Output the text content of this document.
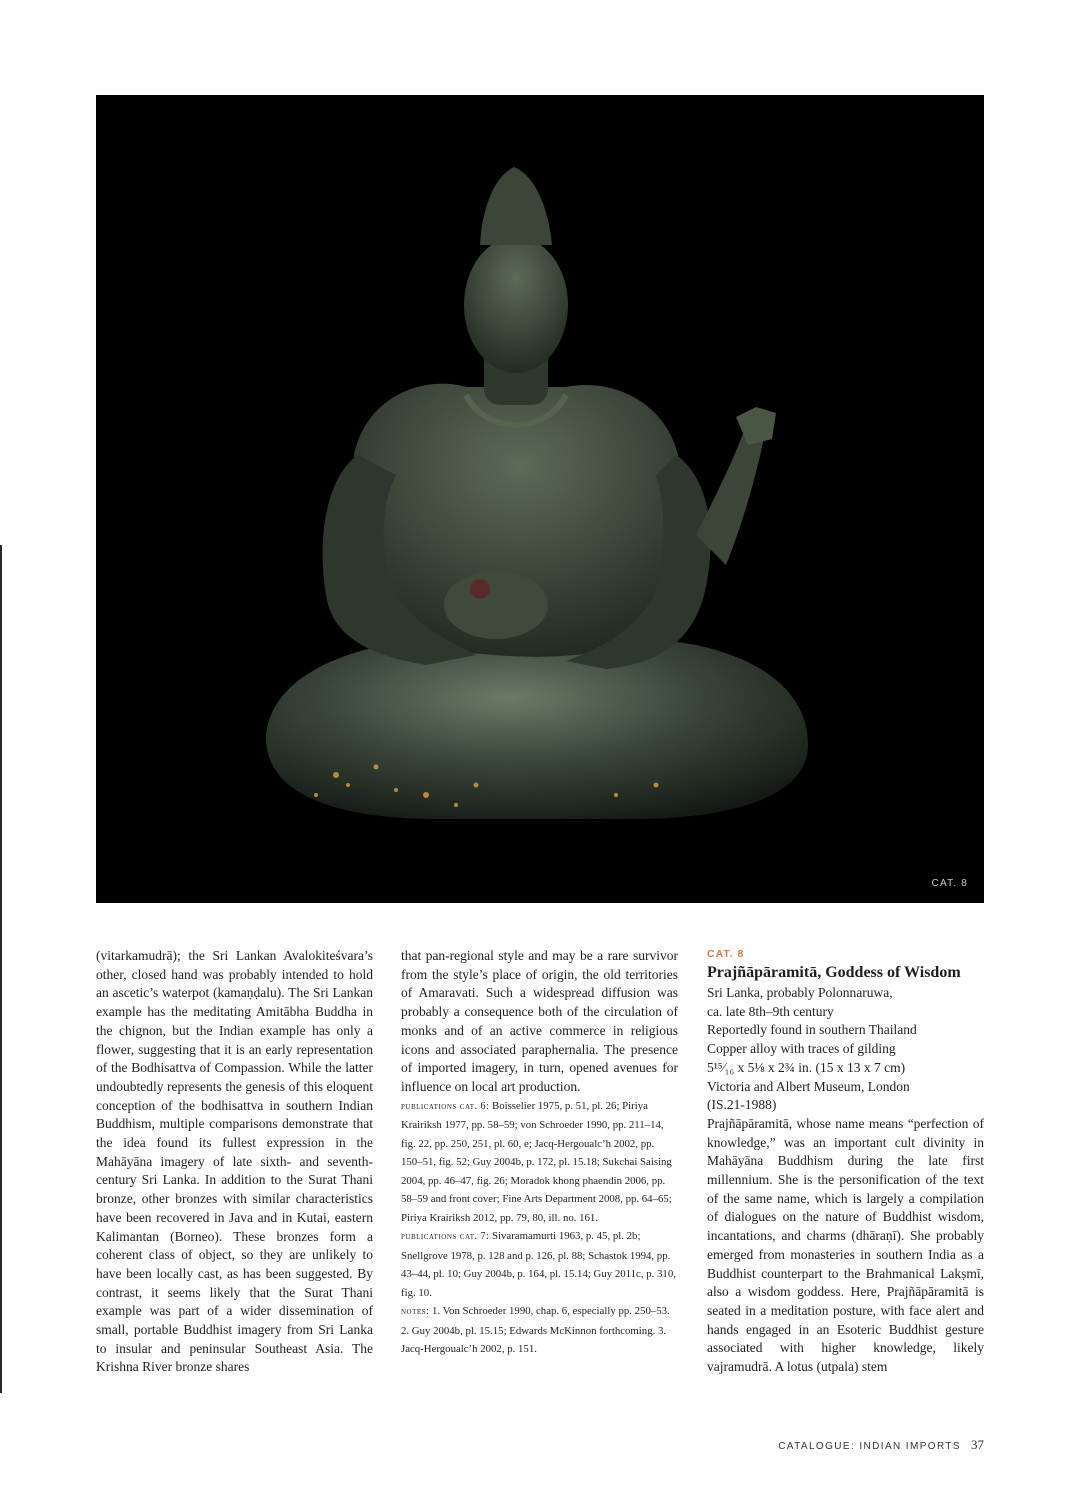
CAT. 8

(vitarkamudrā); the Sri Lankan Avalokiteśvara’s other, closed hand was probably intended to hold an ascetic’s waterpot (kamaṇḍalu). The Sri Lankan example has the meditating Amitābha Buddha in the chignon, but the Indian example has only a flower, suggesting that it is an early representation of the Bodhisattva of Compassion. While the latter undoubtedly represents the genesis of this eloquent conception of the bodhisattva in southern Indian Buddhism, multiple comparisons demonstrate that the idea found its fullest expression in the Mahāyāna imagery of late sixth- and seventh-century Sri Lanka. In addition to the Surat Thani bronze, other bronzes with similar characteristics have been recovered in Java and in Kutai, eastern Kalimantan (Borneo). These bronzes form a coherent class of object, so they are unlikely to have been locally cast, as has been suggested. By contrast, it seems likely that the Surat Thani example was part of a wider dissemination of small, portable Buddhist imagery from Sri Lanka to insular and peninsular Southeast Asia. The Krishna River bronze shares

that pan-regional style and may be a rare survivor from the style’s place of origin, the old territories of Amaravati. Such a widespread diffusion was probably a consequence both of the circulation of monks and of an active commerce in religious icons and associated paraphernalia. The presence of imported imagery, in turn, opened avenues for influence on local art production.

publications cat. 6: Boisselier 1975, p. 51, pl. 26; Piriya Krairiksh 1977, pp. 58–59; von Schroeder 1990, pp. 211–14, fig. 22, pp. 250, 251, pl. 60, e; Jacq-Hergoualc’h 2002, pp. 150–51, fig. 52; Guy 2004b, p. 172, pl. 15.18; Sukchai Saising 2004, pp. 46–47, fig. 26; Moradok khong phaendin 2006, pp. 58–59 and front cover; Fine Arts Department 2008, pp. 64–65; Piriya Krairiksh 2012, pp. 79, 80, ill. no. 161.

publications cat. 7: Sivaramamurti 1963, p. 45, pl. 2b; Snellgrove 1978, p. 128 and p. 126, pl. 88; Schastok 1994, pp. 43–44, pl. 10; Guy 2004b, p. 164, pl. 15.14; Guy 2011c, p. 310, fig. 10.

notes: 1. Von Schroeder 1990, chap. 6, especially pp. 250–53. 2. Guy 2004b, pl. 15.15; Edwards McKinnon forthcoming. 3. Jacq-Hergoualc’h 2002, p. 151.

CAT. 8
Prajñāpāramitā, Goddess of Wisdom

Sri Lanka, probably Polonnaruwa,

ca. late 8th–9th century

Reportedly found in southern Thailand

Copper alloy with traces of gilding

5¹⁵⁄₁₆ x 5⅛ x 2¾ in. (15 x 13 x 7 cm)

Victoria and Albert Museum, London

(IS.21-1988)

Prajñāpāramitā, whose name means “perfection of knowledge,” was an important cult divinity in Mahāyāna Buddhism during the late first millennium. She is the personification of the text of the same name, which is largely a compilation of dialogues on the nature of Buddhist wisdom, incantations, and charms (dhāraṇī). She probably emerged from monasteries in southern India as a Buddhist counterpart to the Brahmanical Lakṣmī, also a wisdom goddess. Here, Prajñāpāramitā is seated in a meditation posture, with face alert and hands engaged in an Esoteric Buddhist gesture associated with higher knowledge, likely vajramudrā. A lotus (utpala) stem

CATALOGUE: INDIAN IMPORTS 37
